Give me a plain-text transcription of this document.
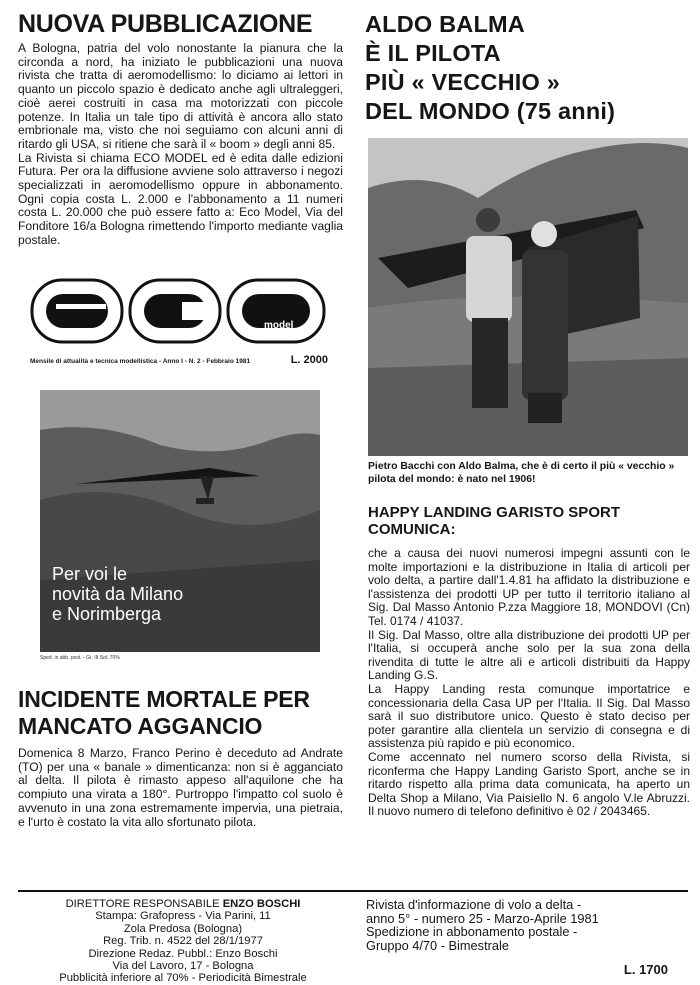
NUOVA PUBBLICAZIONE

A Bologna, patria del volo nonostante la pianura che la circonda a nord, ha iniziato le pubblicazioni una nuova rivista che tratta di aeromodellismo: lo diciamo ai lettori in quanto un piccolo spazio è dedicato anche agli ultraleggeri, cioè aerei costruiti in casa ma motorizzati con piccole potenze. In Italia un tale tipo di attività è ancora allo stato embrionale ma, visto che noi seguiamo con alcuni anni di ritardo gli USA, si ritiene che sarà il « boom » degli anni 85.

La Rivista si chiama ECO MODEL ed è edita dalle edizioni Futura. Per ora la diffusione avviene solo attraverso i negozi specializzati in aeromodellismo oppure in abbonamento. Ogni copia costa L. 2.000 e l'abbonamento a 11 numeri costa L. 20.000 che può essere fatto a: Eco Model, Via del Fonditore 16/a Bologna rimettendo l'importo mediante vaglia postale.

model
Mensile di attualità e tecnica modellistica - Anno I - N. 2 - Febbraio 1981	L. 2000
Per voi le
novità da Milano
e Norimberga
Sped. in abb. post. - Gr. III Sol. 70%
INCIDENTE MORTALE PER
MANCATO AGGANCIO
Domenica 8 Marzo, Franco Perino è deceduto ad Andrate (TO) per una « banale » dimenticanza: non si è agganciato al delta. Il pilota è rimasto appeso all'aquilone che ha compiuto una virata a 180°. Purtroppo l'impatto col suolo è avvenuto in una zona estremamente impervia, una pietraia, e l'urto è costato la vita allo sfortunato pilota.
ALDO BALMA
È IL PILOTA
PIÙ « VECCHIO »
DEL MONDO (75 anni)
Pietro Bacchi con Aldo Balma, che è di certo il più « vecchio » pilota del mondo: è nato nel 1906!
HAPPY LANDING GARISTO SPORT
COMUNICA:

che a causa dei nuovi numerosi impegni assunti con le molte importazioni e la distribuzione in Italia di articoli per volo delta, a partire dall'1.4.81 ha affidato la distribuzione e l'assistenza dei prodotti UP per tutto il territorio italiano al Sig. Dal Masso Antonio P.zza Maggiore 18, MONDOVI (Cn) Tel. 0174 / 41037.

Il Sig. Dal Masso, oltre alla distribuzione dei prodotti UP per l'Italia, si occuperà anche solo per la sua zona della rivendita di tutte le altre ali e articoli distribuiti da Happy Landing G.S.

La Happy Landing resta comunque importatrice e concessionaria della Casa UP per l'Italia. Il Sig. Dal Masso sarà il suo distributore unico. Questo è stato deciso per poter garantire alla clientela un servizio di consegna e di assistenza più rapido e più economico.

Come accennato nel numero scorso della Rivista, si riconferma che Happy Landing Garisto Sport, anche se in ritardo rispetto alla prima data comunicata, ha aperto un Delta Shop a Milano, Via Paisiello N. 6 angolo V.le Abruzzi. Il nuovo numero di telefono definitivo è 02 / 2043465.

DIRETTORE RESPONSABILE ENZO BOSCHI
Stampa: Grafopress - Via Parini, 11
Zola Predosa (Bologna)
Reg. Trib. n. 4522 del 28/1/1977
Direzione Redaz. Pubbl.: Enzo Boschi
Via del Lavoro, 17 - Bologna
Pubblicità inferiore al 70% - Periodicità Bimestrale
Rivista d'informazione di volo a delta -
anno 5° - numero 25 - Marzo-Aprile 1981
Spedizione in abbonamento postale -
Gruppo 4/70 - Bimestrale
L. 1700
